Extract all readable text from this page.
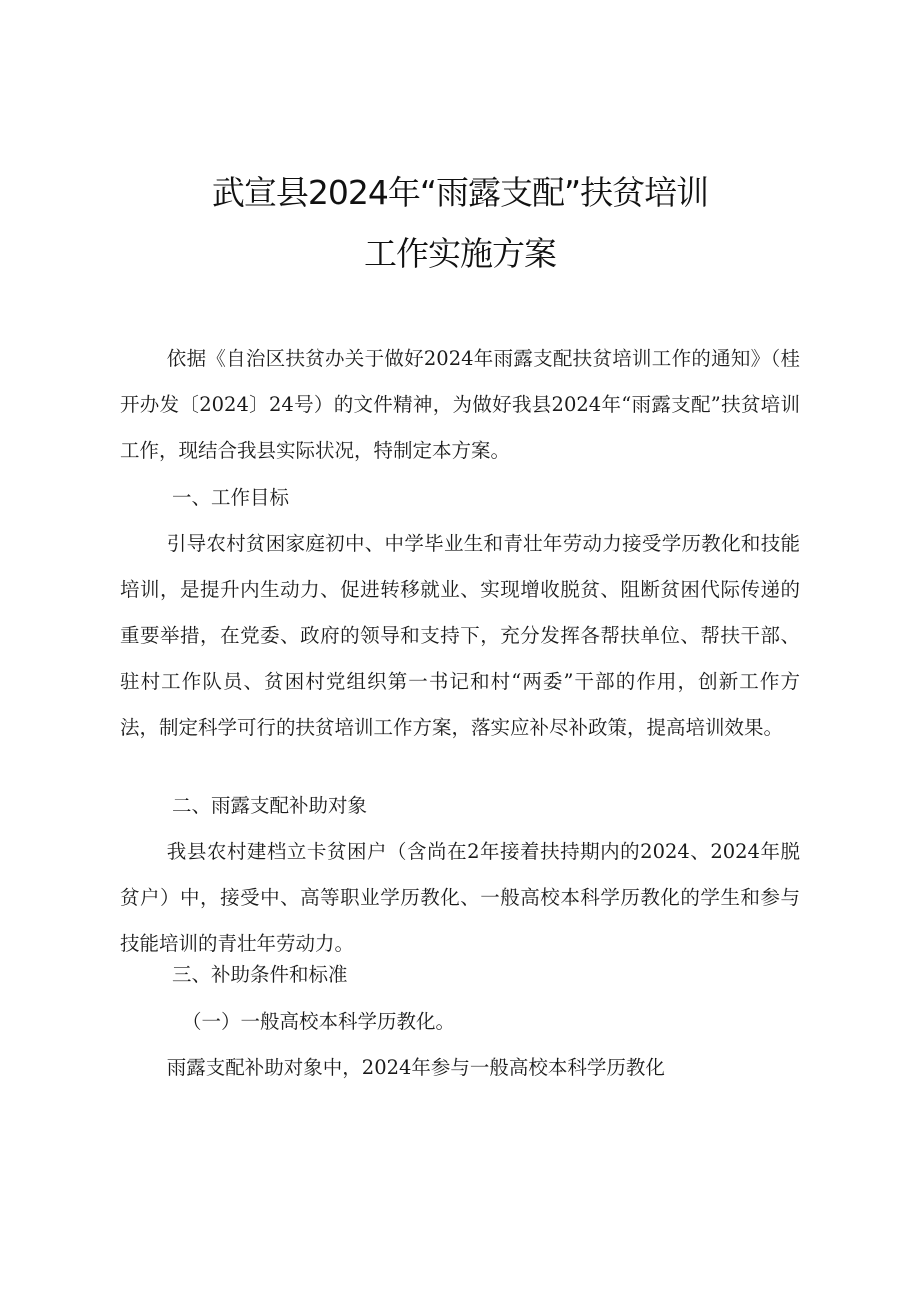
武宣县2024年“雨露支配”扶贫培训
工作实施方案

依据《自治区扶贫办关于做好2024年雨露支配扶贫培训工作的通知》（桂开办发〔2024〕24号）的文件精神，为做好我县2024年“雨露支配”扶贫培训工作，现结合我县实际状况，特制定本方案。

一、工作目标

引导农村贫困家庭初中、中学毕业生和青壮年劳动力接受学历教化和技能培训，是提升内生动力、促进转移就业、实现增收脱贫、阻断贫困代际传递的重要举措，在党委、政府的领导和支持下，充分发挥各帮扶单位、帮扶干部、驻村工作队员、贫困村党组织第一书记和村“两委”干部的作用，创新工作方法，制定科学可行的扶贫培训工作方案，落实应补尽补政策，提高培训效果。

二、雨露支配补助对象

我县农村建档立卡贫困户（含尚在2年接着扶持期内的2024、2024年脱贫户）中，接受中、高等职业学历教化、一般高校本科学历教化的学生和参与技能培训的青壮年劳动力。

三、补助条件和标准

（一）一般高校本科学历教化。

雨露支配补助对象中，2024年参与一般高校本科学历教化
